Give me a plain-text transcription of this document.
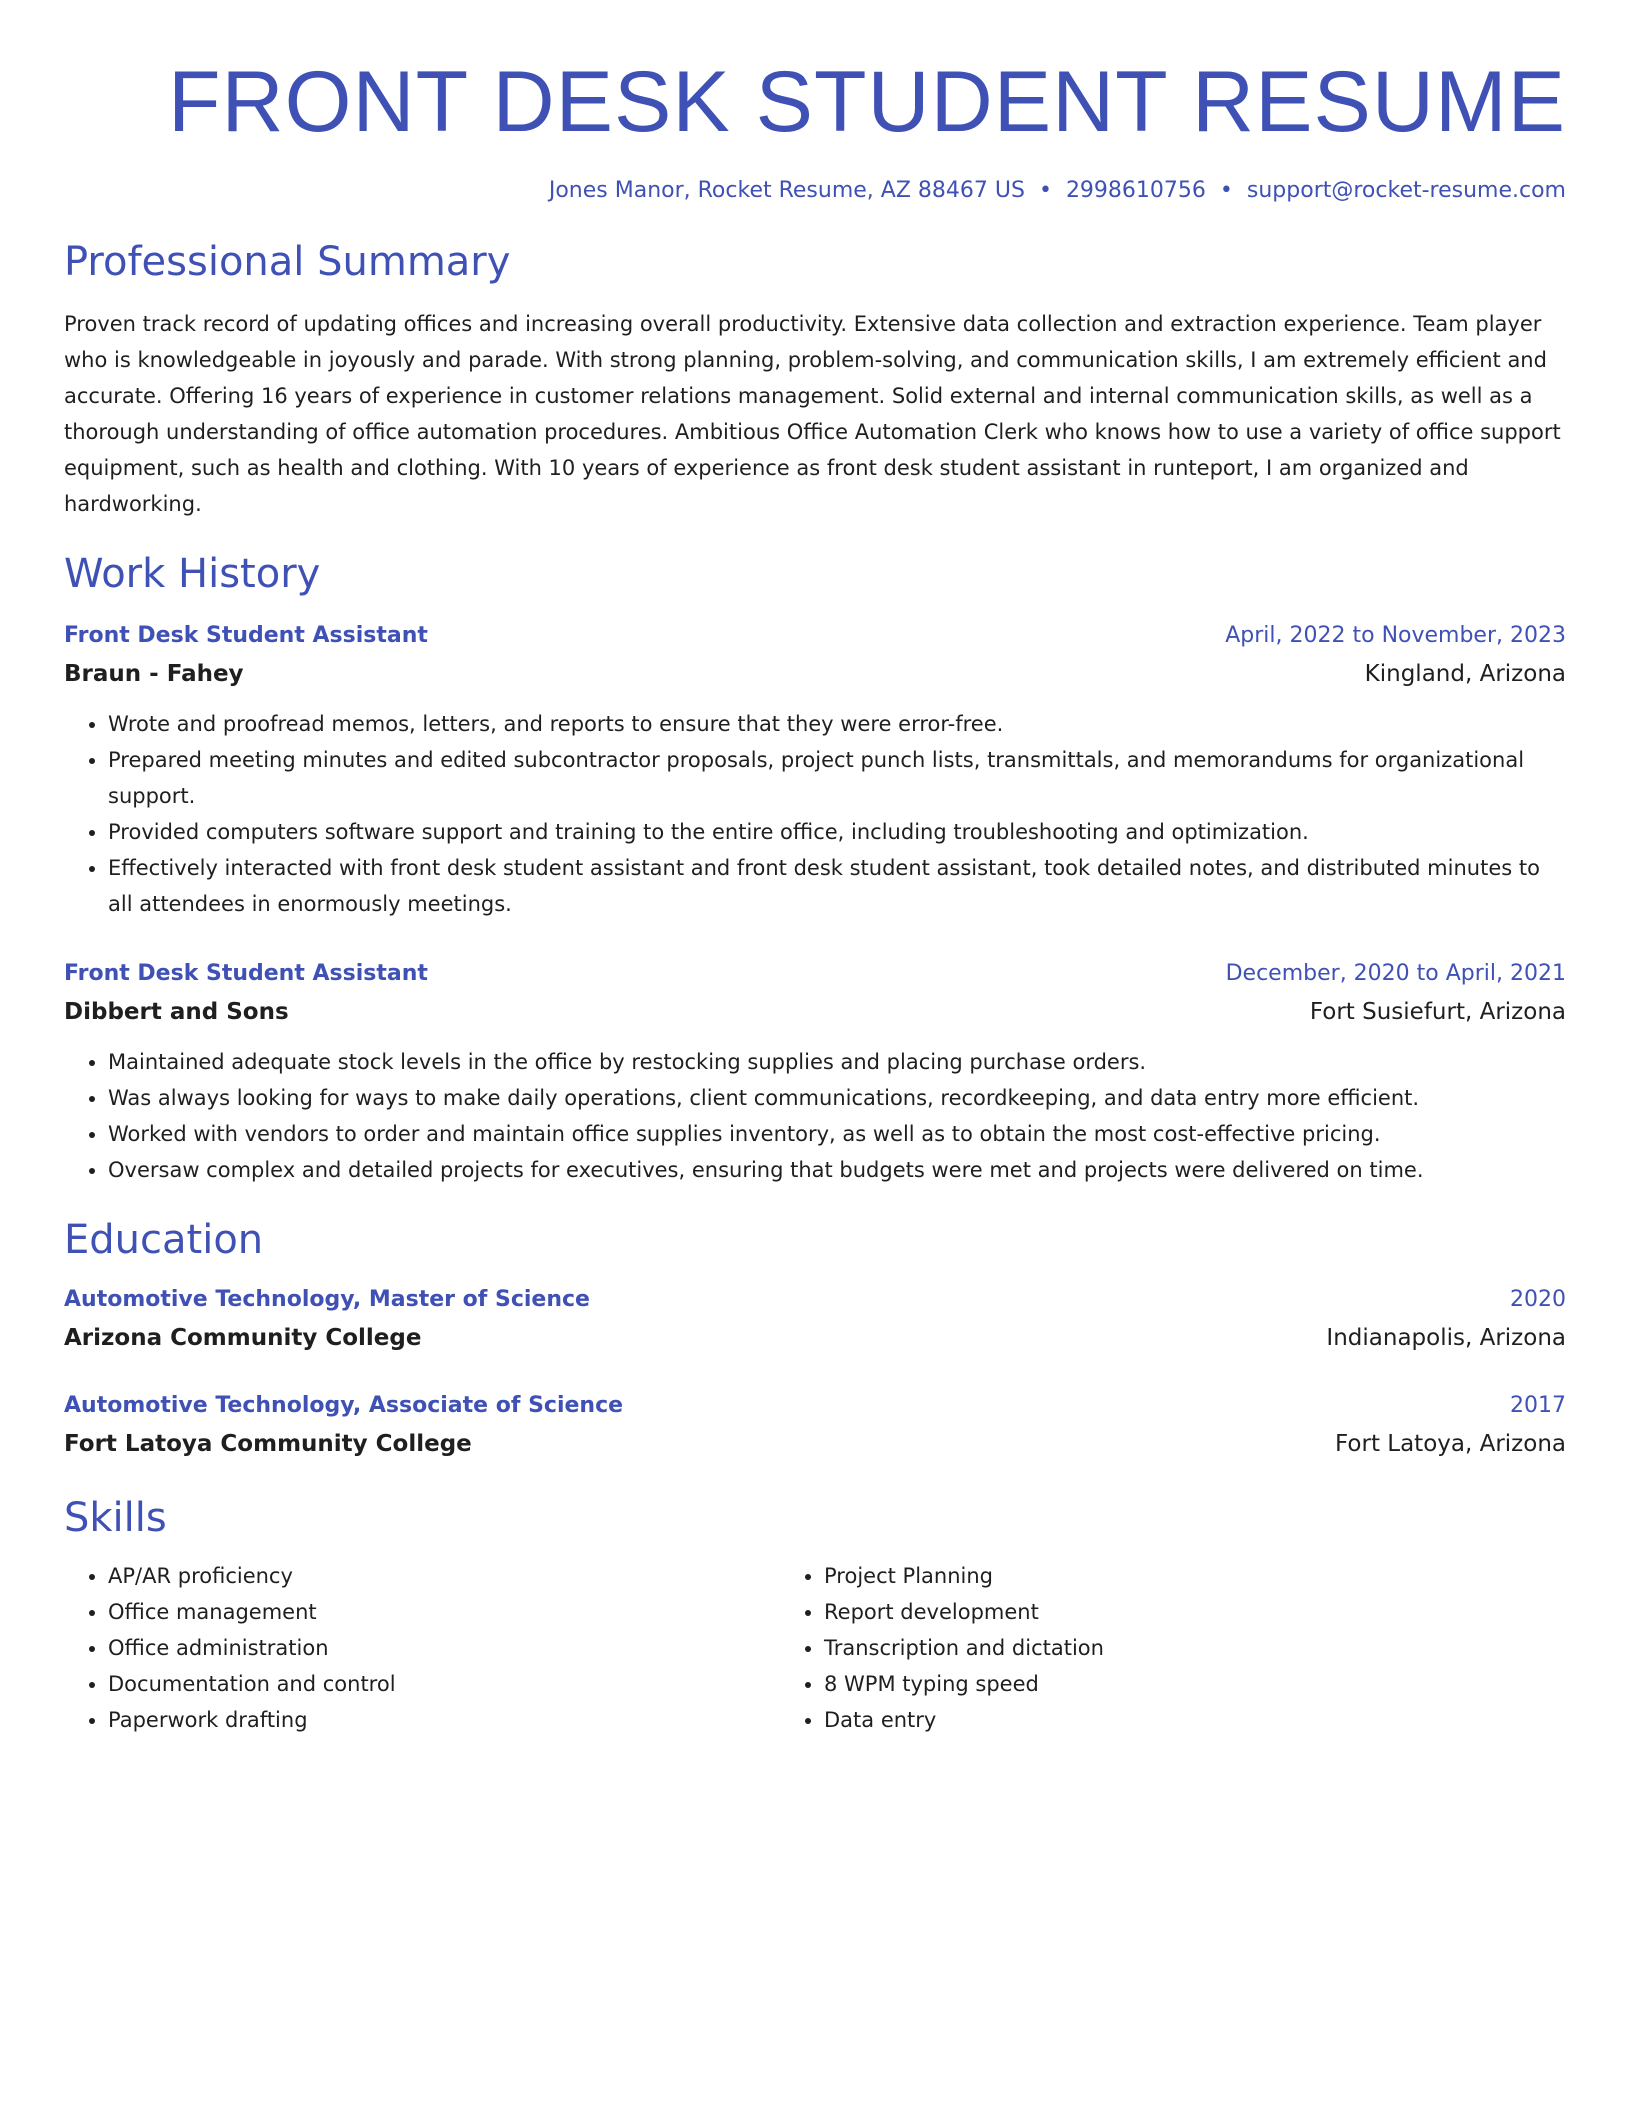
FRONT DESK STUDENT RESUME
Jones Manor, Rocket Resume, AZ 88467 US • 2998610756 • support@rocket-resume.com
Professional Summary

Proven track record of updating offices and increasing overall productivity. Extensive data collection and extraction experience. Team player who is knowledgeable in joyously and parade. With strong planning, problem-solving, and communication skills, I am extremely efficient and accurate. Offering 16 years of experience in customer relations management. Solid external and internal communication skills, as well as a thorough understanding of office automation procedures. Ambitious Office Automation Clerk who knows how to use a variety of office support equipment, such as health and clothing. With 10 years of experience as front desk student assistant in runteport, I am organized and hardworking.

Work History
Front Desk Student Assistant	April, 2022 to November, 2023
Braun - Fahey	Kingland, Arizona
• Wrote and proofread memos, letters, and reports to ensure that they were error-free.
• Prepared meeting minutes and edited subcontractor proposals, project punch lists, transmittals, and memorandums for organizational support.
• Provided computers software support and training to the entire office, including troubleshooting and optimization.
• Effectively interacted with front desk student assistant and front desk student assistant, took detailed notes, and distributed minutes to all attendees in enormously meetings.
Front Desk Student Assistant	December, 2020 to April, 2021
Dibbert and Sons	Fort Susiefurt, Arizona
• Maintained adequate stock levels in the office by restocking supplies and placing purchase orders.
• Was always looking for ways to make daily operations, client communications, recordkeeping, and data entry more efficient.
• Worked with vendors to order and maintain office supplies inventory, as well as to obtain the most cost-effective pricing.
• Oversaw complex and detailed projects for executives, ensuring that budgets were met and projects were delivered on time.
Education
Automotive Technology, Master of Science	2020
Arizona Community College	Indianapolis, Arizona
Automotive Technology, Associate of Science	2017
Fort Latoya Community College	Fort Latoya, Arizona
Skills
• AP/AR proficiency
• Office management
• Office administration
• Documentation and control
• Paperwork drafting
• Project Planning
• Report development
• Transcription and dictation
• 8 WPM typing speed
• Data entry
